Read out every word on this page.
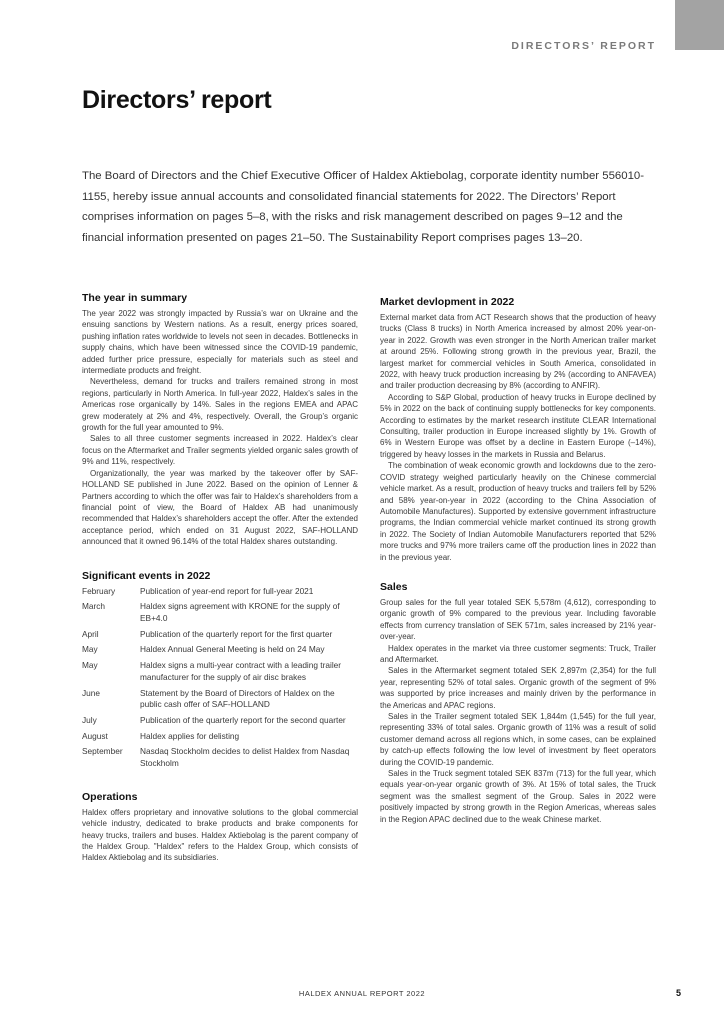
DIRECTORS’ REPORT
Directors’ report

The Board of Directors and the Chief Executive Officer of Haldex Aktiebolag, corporate identity number 556010-1155, hereby issue annual accounts and consolidated financial statements for 2022. The Directors’ Report comprises information on pages 5–8, with the risks and risk management described on pages 9–12 and the financial information presented on pages 21–50. The Sustainability Report comprises pages 13–20.

The year in summary

The year 2022 was strongly impacted by Russia’s war on Ukraine and the ensuing sanctions by Western nations. As a result, energy prices soared, pushing inflation rates worldwide to levels not seen in decades. Bottlenecks in supply chains, which have been witnessed since the COVID-19 pandemic, added further price pressure, especially for materials such as steel and intermediate products and freight.

Nevertheless, demand for trucks and trailers remained strong in most regions, particularly in North America. In full-year 2022, Haldex’s sales in the Americas rose organically by 14%. Sales in the regions EMEA and APAC grew moderately at 2% and 4%, respectively. Overall, the Group’s organic growth for the full year amounted to 9%.

Sales to all three customer segments increased in 2022. Haldex’s clear focus on the Aftermarket and Trailer segments yielded organic sales growth of 9% and 11%, respectively.

Organizationally, the year was marked by the takeover offer by SAF-HOLLAND SE published in June 2022. Based on the opinion of Lenner & Partners according to which the offer was fair to Haldex’s shareholders from a financial point of view, the Board of Haldex AB had unanimously recommended that Haldex’s shareholders accept the offer. After the extended acceptance period, which ended on 31 August 2022, SAF-HOLLAND announced that it owned 96.14% of the total Haldex shares outstanding.

Significant events in 2022
February	Publication of year-end report for full-year 2021
March	Haldex signs agreement with KRONE for the supply of EB+4.0
April	Publication of the quarterly report for the first quarter
May	Haldex Annual General Meeting is held on 24 May
May	Haldex signs a multi-year contract with a leading trailer manufacturer for the supply of air disc brakes
June	Statement by the Board of Directors of Haldex on the public cash offer of SAF-HOLLAND
July	Publication of the quarterly report for the second quarter
August	Haldex applies for delisting
September	Nasdaq Stockholm decides to delist Haldex from Nasdaq Stockholm
Operations

Haldex offers proprietary and innovative solutions to the global commercial vehicle industry, dedicated to brake products and brake components for heavy trucks, trailers and buses. Haldex Aktiebolag is the parent company of the Haldex Group. "Haldex" refers to the Haldex Group, which consists of Haldex Aktiebolag and its subsidiaries.

Market devlopment in 2022

External market data from ACT Research shows that the production of heavy trucks (Class 8 trucks) in North America increased by almost 20% year-on-year in 2022. Growth was even stronger in the North American trailer market at around 25%. Following strong growth in the previous year, Brazil, the largest market for commercial vehicles in South America, consolidated in 2022, with heavy truck production increasing by 2% (according to ANFAVEA) and trailer production decreasing by 8% (according to ANFIR).

According to S&P Global, production of heavy trucks in Europe declined by 5% in 2022 on the back of continuing supply bottlenecks for key components. According to estimates by the market research institute CLEAR International Consulting, trailer production in Europe increased slightly by 1%. Growth of 6% in Western Europe was offset by a decline in Eastern Europe (–14%), triggered by heavy losses in the markets in Russia and Belarus.

The combination of weak economic growth and lockdowns due to the zero-COVID strategy weighed particularly heavily on the Chinese commercial vehicle market. As a result, production of heavy trucks and trailers fell by 52% and 58% year-on-year in 2022 (according to the China Association of Automobile Manufactures). Supported by extensive government infrastructure programs, the Indian commercial vehicle market continued its strong growth in 2022. The Society of Indian Automobile Manufacturers reported that 52% more trucks and 97% more trailers came off the production lines in 2022 than in the previous year.

Sales

Group sales for the full year totaled SEK 5,578m (4,612), corresponding to organic growth of 9% compared to the previous year. Including favorable effects from currency translation of SEK 571m, sales increased by 21% year-over-year.

Haldex operates in the market via three customer segments: Truck, Trailer and Aftermarket.

Sales in the Aftermarket segment totaled SEK 2,897m (2,354) for the full year, representing 52% of total sales. Organic growth of the segment of 9% was supported by price increases and mainly driven by the performance in the Americas and APAC regions.

Sales in the Trailer segment totaled SEK 1,844m (1,545) for the full year, representing 33% of total sales. Organic growth of 11% was a result of solid customer demand across all regions which, in some cases, can be explained by catch-up effects following the low level of investment by fleet operators during the COVID-19 pandemic.

Sales in the Truck segment totaled SEK 837m (713) for the full year, which equals year-on-year organic growth of 3%. At 15% of total sales, the Truck segment was the smallest segment of the Group. Sales in 2022 were positively impacted by strong growth in the Region Americas, whereas sales in the Region APAC declined due to the weak Chinese market.

HALDEX ANNUAL REPORT 2022	5
